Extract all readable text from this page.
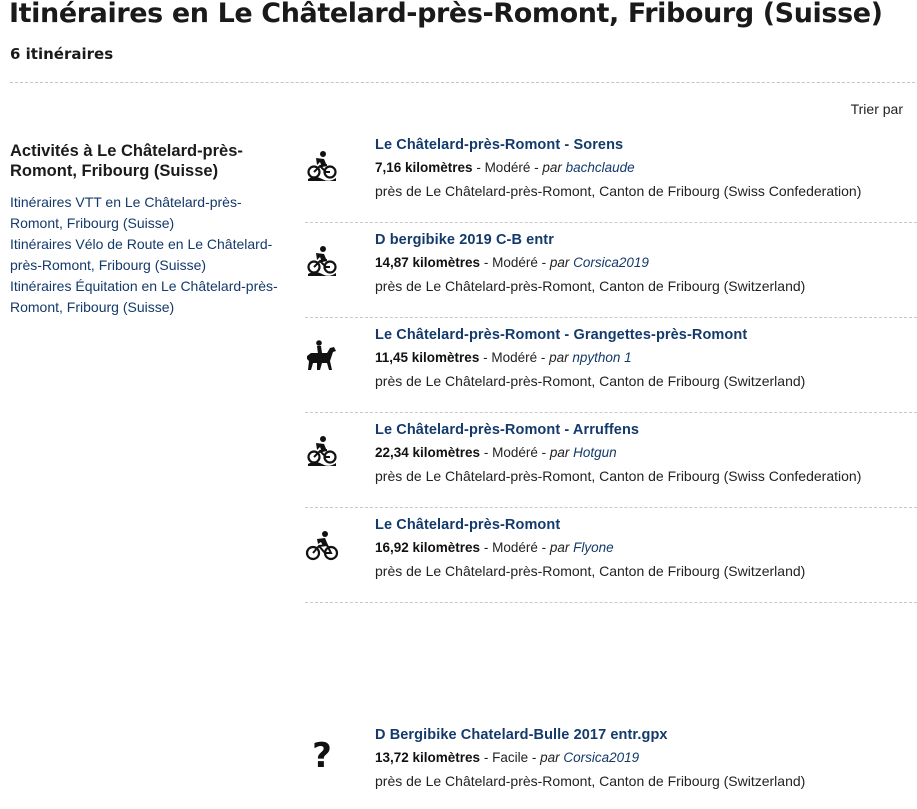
Itinéraires en Le Châtelard-près-Romont, Fribourg (Suisse)
6 itinéraires
Trier par
Activités à Le Châtelard-près-Romont, Fribourg (Suisse)
Itinéraires VTT en Le Châtelard-près-Romont, Fribourg (Suisse)
Itinéraires Vélo de Route en Le Châtelard-près-Romont, Fribourg (Suisse)
Itinéraires Équitation en Le Châtelard-près-Romont, Fribourg (Suisse)
Le Châtelard-près-Romont - Sorens
7,16 kilomètres - Modéré - par bachclaude
près de Le Châtelard-près-Romont, Canton de Fribourg (Swiss Confederation)
D bergibike 2019 C-B entr
14,87 kilomètres - Modéré - par Corsica2019
près de Le Châtelard-près-Romont, Canton de Fribourg (Switzerland)
Le Châtelard-près-Romont - Grangettes-près-Romont
11,45 kilomètres - Modéré - par npython 1
près de Le Châtelard-près-Romont, Canton de Fribourg (Switzerland)
Le Châtelard-près-Romont - Arruffens
22,34 kilomètres - Modéré - par Hotgun
près de Le Châtelard-près-Romont, Canton de Fribourg (Swiss Confederation)
Le Châtelard-près-Romont
16,92 kilomètres - Modéré - par Flyone
près de Le Châtelard-près-Romont, Canton de Fribourg (Switzerland)
?
D Bergibike Chatelard-Bulle 2017 entr.gpx
13,72 kilomètres - Facile - par Corsica2019
près de Le Châtelard-près-Romont, Canton de Fribourg (Switzerland)
